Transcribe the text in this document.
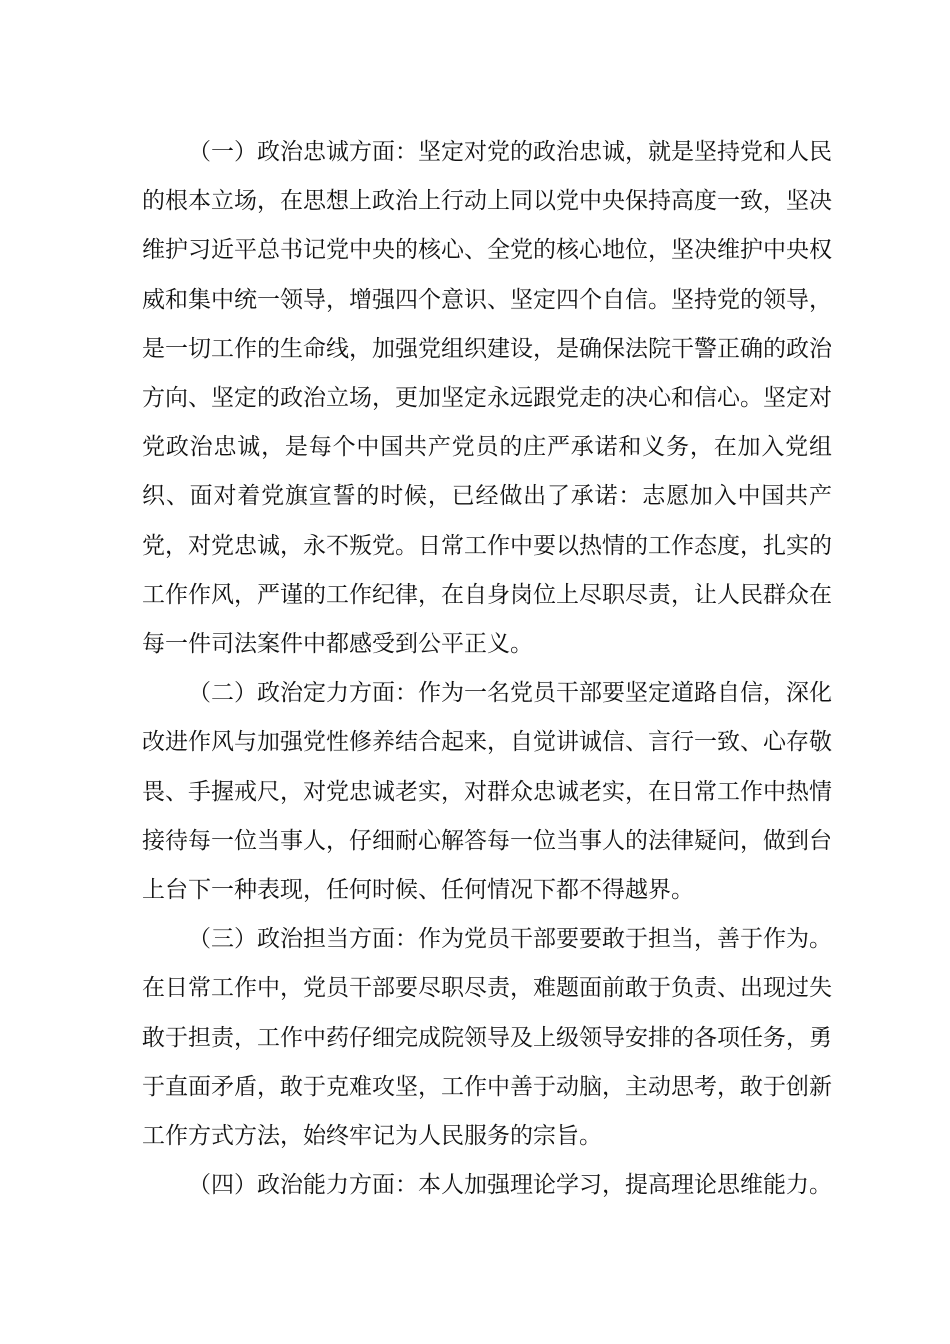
（一）政治忠诚方面：坚定对党的政治忠诚，就是坚持党和人民的根本立场，在思想上政治上行动上同以党中央保持高度一致，坚决维护习近平总书记党中央的核心、全党的核心地位，坚决维护中央权威和集中统一领导，增强四个意识、坚定四个自信。坚持党的领导，是一切工作的生命线，加强党组织建设，是确保法院干警正确的政治方向、坚定的政治立场，更加坚定永远跟党走的决心和信心。坚定对党政治忠诚，是每个中国共产党员的庄严承诺和义务，在加入党组织、面对着党旗宣誓的时候，已经做出了承诺：志愿加入中国共产党，对党忠诚，永不叛党。日常工作中要以热情的工作态度，扎实的工作作风，严谨的工作纪律，在自身岗位上尽职尽责，让人民群众在每一件司法案件中都感受到公平正义。

（二）政治定力方面：作为一名党员干部要坚定道路自信，深化改进作风与加强党性修养结合起来，自觉讲诚信、言行一致、心存敬畏、手握戒尺，对党忠诚老实，对群众忠诚老实，在日常工作中热情接待每一位当事人，仔细耐心解答每一位当事人的法律疑问，做到台上台下一种表现，任何时候、任何情况下都不得越界。

（三）政治担当方面：作为党员干部要要敢于担当，善于作为。在日常工作中，党员干部要尽职尽责，难题面前敢于负责、出现过失敢于担责，工作中药仔细完成院领导及上级领导安排的各项任务，勇于直面矛盾，敢于克难攻坚，工作中善于动脑，主动思考，敢于创新工作方式方法，始终牢记为人民服务的宗旨。

（四）政治能力方面：本人加强理论学习，提高理论思维能力。
